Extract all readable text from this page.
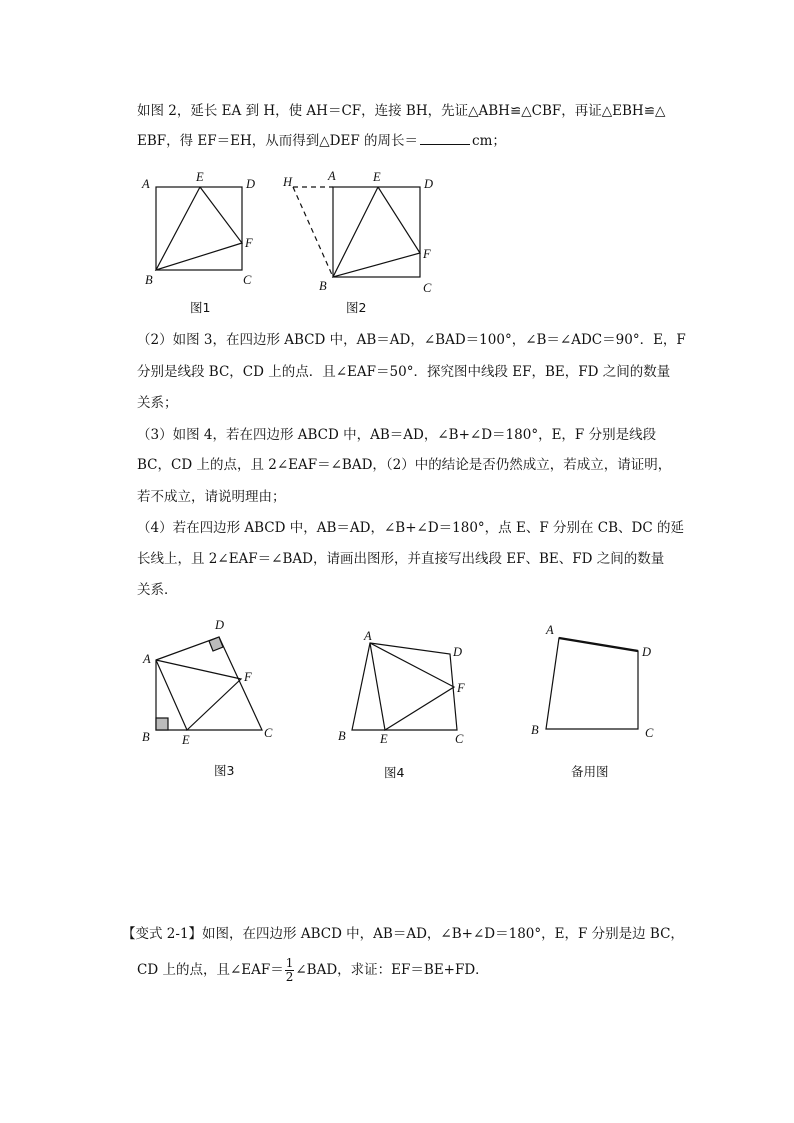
如图 2，延长 EA 到 H，使 AH＝CF，连接 BH，先证△ABH≌△CBF，再证△EBH≌△
EBF，得 EF＝EH，从而得到△DEF 的周长＝	cm；
（2）如图 3，在四边形 ABCD 中，AB＝AD，∠BAD＝100°，∠B＝∠ADC＝90°．E，F
分别是线段 BC，CD 上的点．且∠EAF＝50°．探究图中线段 EF，BE，FD 之间的数量
关系；
（3）如图 4，若在四边形 ABCD 中，AB＝AD，∠B+∠D＝180°，E，F 分别是线段
BC，CD 上的点，且 2∠EAF＝∠BAD，（2）中的结论是否仍然成立，若成立，请证明，
若不成立，请说明理由；
（4）若在四边形 ABCD 中，AB＝AD，∠B+∠D＝180°，点 E、F 分别在 CB、DC 的延
长线上，且 2∠EAF＝∠BAD，请画出图形，并直接写出线段 EF、BE、FD 之间的数量
关系．
【变式 2-1】如图，在四边形 ABCD 中，AB＝AD，∠B+∠D＝180°，E，F 分别是边 BC，
CD 上的点，且∠EAF＝ $\frac{1}{2}$ ∠BAD，求证：EF＝BE+FD．
A	E	D
F
B	C
图1
H	A	E	D
F
B	C
图2
D
A
F
B	E	C
图3
A
D
F
B	E	C
图4
A
D
B	C
备用图
